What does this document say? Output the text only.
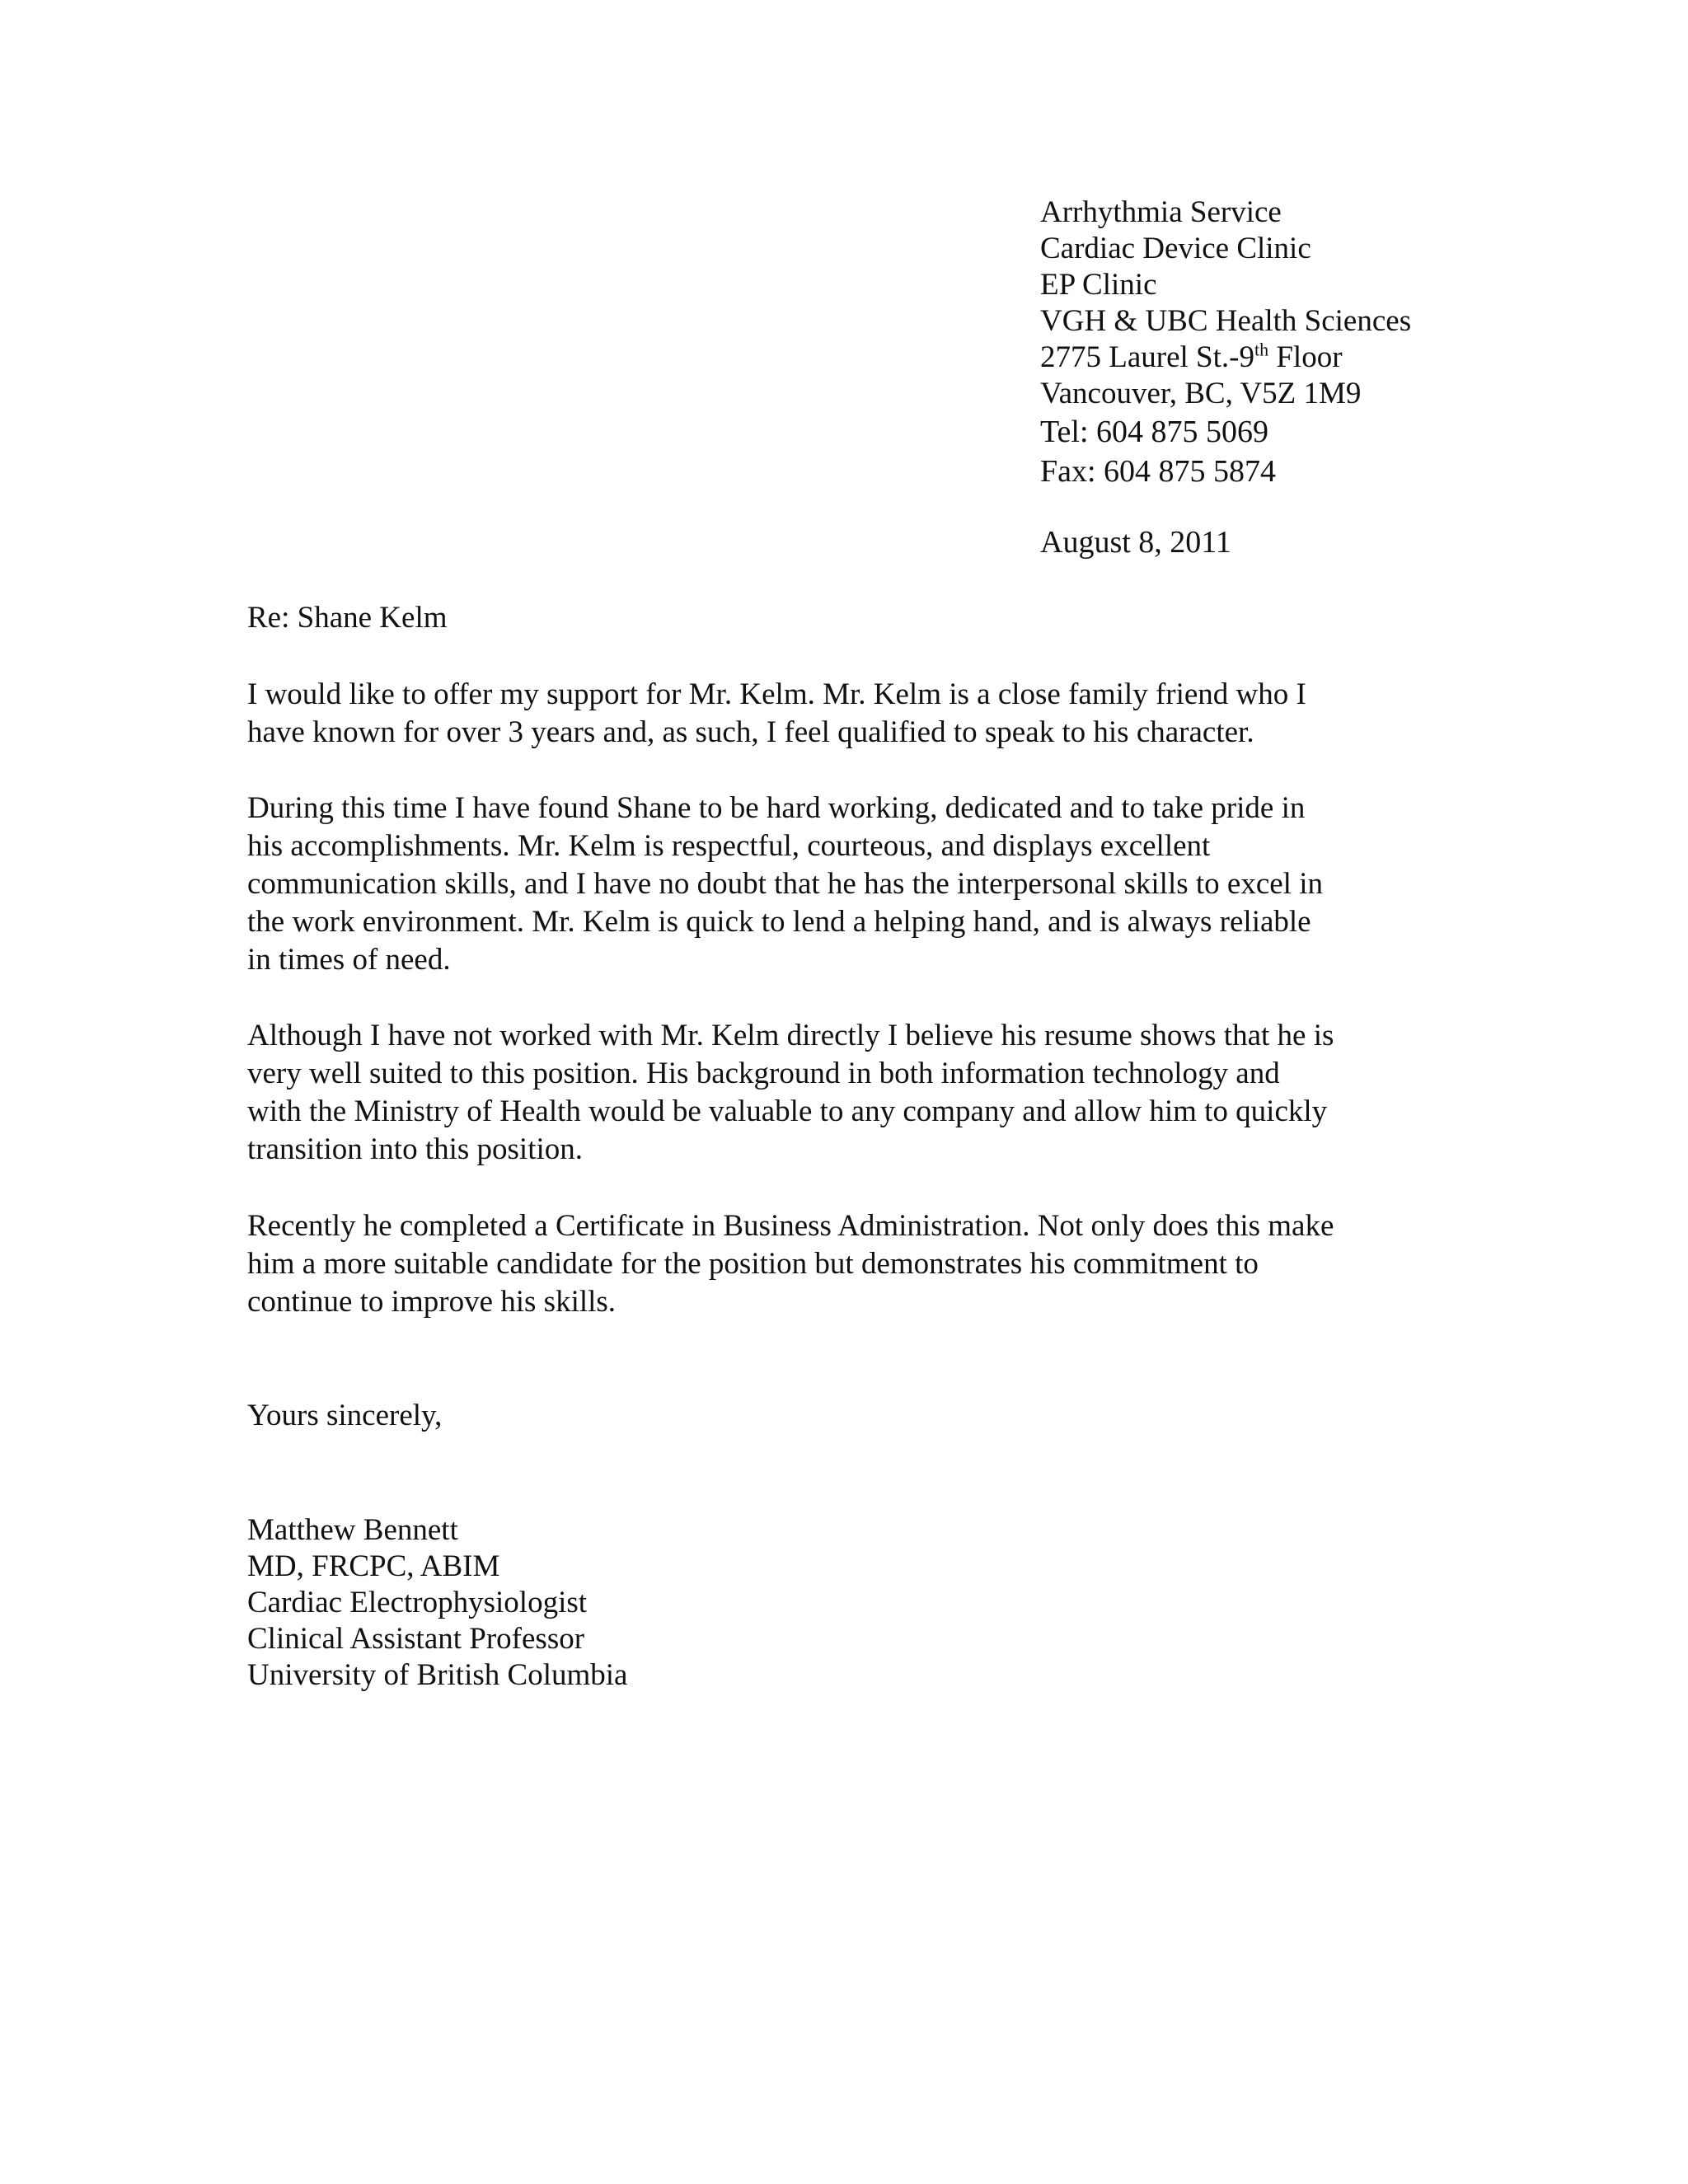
Arrhythmia Service
Cardiac Device Clinic
EP Clinic
VGH & UBC Health Sciences
2775 Laurel St.-9th Floor
Vancouver, BC, V5Z 1M9
Tel: 604 875 5069
Fax: 604 875 5874
August 8, 2011
Re: Shane Kelm
I would like to offer my support for Mr. Kelm. Mr. Kelm is a close family friend who I
have known for over 3 years and, as such, I feel qualified to speak to his character.
During this time I have found Shane to be hard working, dedicated and to take pride in
his accomplishments. Mr. Kelm is respectful, courteous, and displays excellent
communication skills, and I have no doubt that he has the interpersonal skills to excel in
the work environment. Mr. Kelm is quick to lend a helping hand, and is always reliable
in times of need.
Although I have not worked with Mr. Kelm directly I believe his resume shows that he is
very well suited to this position. His background in both information technology and
with the Ministry of Health would be valuable to any company and allow him to quickly
transition into this position.
Recently he completed a Certificate in Business Administration. Not only does this make
him a more suitable candidate for the position but demonstrates his commitment to
continue to improve his skills.
Yours sincerely,
Matthew Bennett
MD, FRCPC, ABIM
Cardiac Electrophysiologist
Clinical Assistant Professor
University of British Columbia
